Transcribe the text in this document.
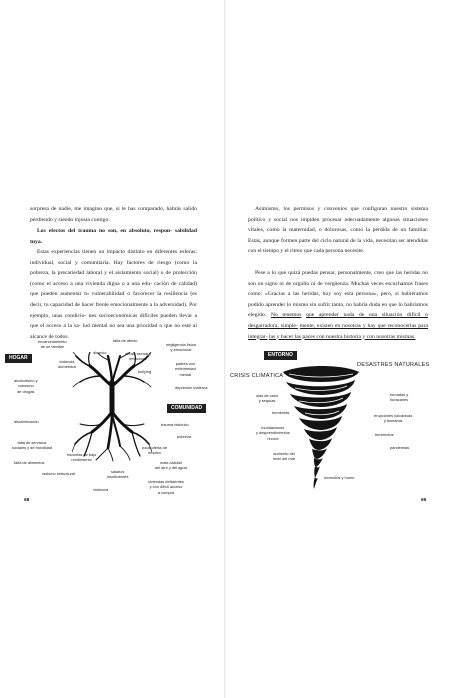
sorpresa de nadie, me imagino que, si te has comparado, habrás salido perdiendo y siendo injusta contigo.

Los efectos del trauma no son, en absoluto, respon- sabilidad tuya.

Estas experiencias tienen un impacto distinto en diferentes esferas: individual, social y comunitaria. Hay factores de riesgo (como la pobreza, la precariedad laboral y el aislamiento social) o de protección (como el acceso a una vivienda digna o a una edu- cación de calidad) que pueden aumentar tu vulnerabilidad o favorecer la resiliencia (es decir, tu capacidad de hacer frente emocionalmente a la adversidad). Por ejemplo, unas condicio- nes socioeconómicas difíciles pueden llevar a que el acceso a la sa- lud mental no sea una prioridad o que no esté al alcance de todos.

HOGAR
COMUNIDAD
encarcelamiento
de un familiar
falta de afecto
violencia
doméstica
divorcio	abuso sexual y
emocional
negligencia física
y emocional
padres con
enfermedad
mental
alcoholismo y
consumo
de drogas
bullying
depresión materna
discriminación
trauma histórico
pobreza
falta de servicios
sociales y de movilidad
escuelas de bajo
rendimiento
poca oferta de
empleo
falta de alimentos	mala calidad
del aire y del agua
racismo estructural	salarios
insuficientes
viviendas deficientes
y con difícil acceso
a compra
violencia
68

Asimismo, los permisos y convenios que configuran nuestro sistema político y social nos impiden procesar adecuadamente algunas situaciones vitales, como la maternidad, o dolorosas, como la pérdida de un familiar. Estas, aunque formen parte del ciclo natural de la vida, necesitan ser atendidas con el tiempo y el ritmo que cada persona necesite.

Pese a lo que quizá puedas pensar, personalmente, creo que las heridas no son un signo ni de orgullo ni de vergüenza. Muchas veces escuchamos frases como: «Gracias a las heridas, hoy soy esta persona», pero, si hubiéramos podido aprender lo mismo sin sufrir tanto, no habría duda en que lo habríamos elegido. No tenemos que aprender nada de una situación difícil o desgarradora; simple- mente, existen en nosotras y hay que reconocerlas para integrar- las y hacer las paces con nuestra historia y con nosotras mismas.

ENTORNO
DESASTRES NATURALES
CRISIS CLIMÁTICA
olas de calor
y sequías
tornados y
huracanes
tormentas
erupciones volcánicas
y tsunamis
inundaciones
y desprendimientos
récord
terremotos
pandemias
aumento del
nivel del mar
incendios y humo
69
